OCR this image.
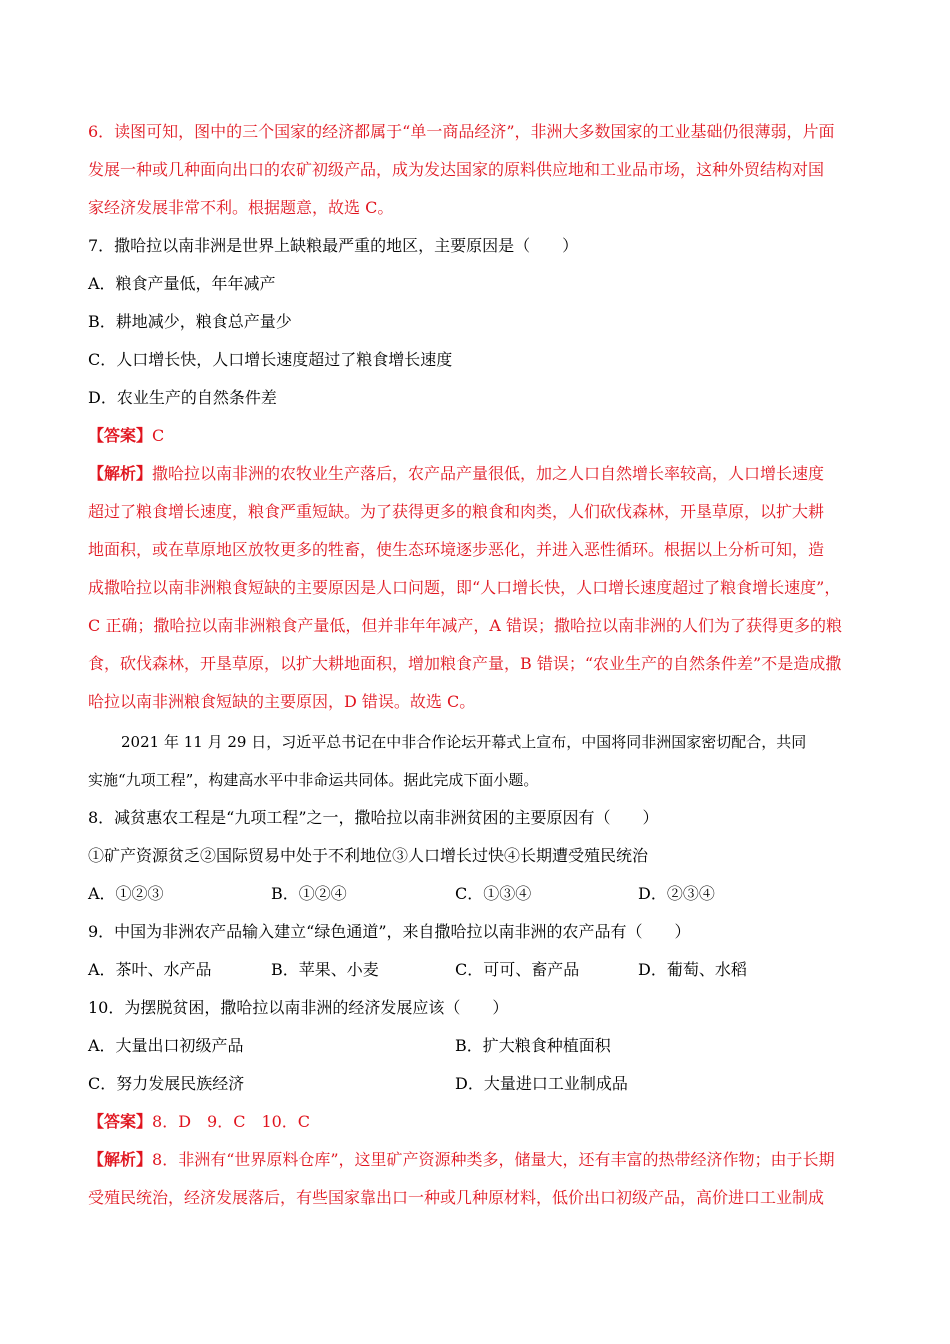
6．读图可知，图中的三个国家的经济都属于“单一商品经济”，非洲大多数国家的工业基础仍很薄弱，片面
发展一种或几种面向出口的农矿初级产品，成为发达国家的原料供应地和工业品市场，这种外贸结构对国
家经济发展非常不利。根据题意，故选 C。
7．撒哈拉以南非洲是世界上缺粮最严重的地区，主要原因是（　　）
A．粮食产量低，年年减产
B．耕地减少，粮食总产量少
C．人口增长快，人口增长速度超过了粮食增长速度
D．农业生产的自然条件差
【答案】C
【解析】撒哈拉以南非洲的农牧业生产落后，农产品产量很低，加之人口自然增长率较高，人口增长速度
超过了粮食增长速度，粮食严重短缺。为了获得更多的粮食和肉类，人们砍伐森林，开垦草原，以扩大耕
地面积，或在草原地区放牧更多的牲畜，使生态环境逐步恶化，并进入恶性循环。根据以上分析可知，造
成撒哈拉以南非洲粮食短缺的主要原因是人口问题，即“人口增长快，人口增长速度超过了粮食增长速度”，
C 正确；撒哈拉以南非洲粮食产量低，但并非年年减产，A 错误；撒哈拉以南非洲的人们为了获得更多的粮
食，砍伐森林，开垦草原，以扩大耕地面积，增加粮食产量，B 错误；“农业生产的自然条件差”不是造成撒
哈拉以南非洲粮食短缺的主要原因，D 错误。故选 C。
2021 年 11 月 29 日，习近平总书记在中非合作论坛开幕式上宣布，中国将同非洲国家密切配合，共同
实施“九项工程”，构建高水平中非命运共同体。据此完成下面小题。
8．减贫惠农工程是“九项工程”之一，撒哈拉以南非洲贫困的主要原因有（　　）
①矿产资源贫乏②国际贸易中处于不利地位③人口增长过快④长期遭受殖民统治
A．①②③	B．①②④	C．①③④	D．②③④
9．中国为非洲农产品输入建立“绿色通道”，来自撒哈拉以南非洲的农产品有（　　）
A．茶叶、水产品	B．苹果、小麦	C．可可、畜产品	D．葡萄、水稻
10．为摆脱贫困，撒哈拉以南非洲的经济发展应该（　　）
A．大量出口初级产品	B．扩大粮食种植面积
C．努力发展民族经济	D．大量进口工业制成品
【答案】8．D　9．C　10．C
【解析】8．非洲有“世界原料仓库”，这里矿产资源种类多，储量大，还有丰富的热带经济作物；由于长期
受殖民统治，经济发展落后，有些国家靠出口一种或几种原材料，低价出口初级产品，高价进口工业制成
